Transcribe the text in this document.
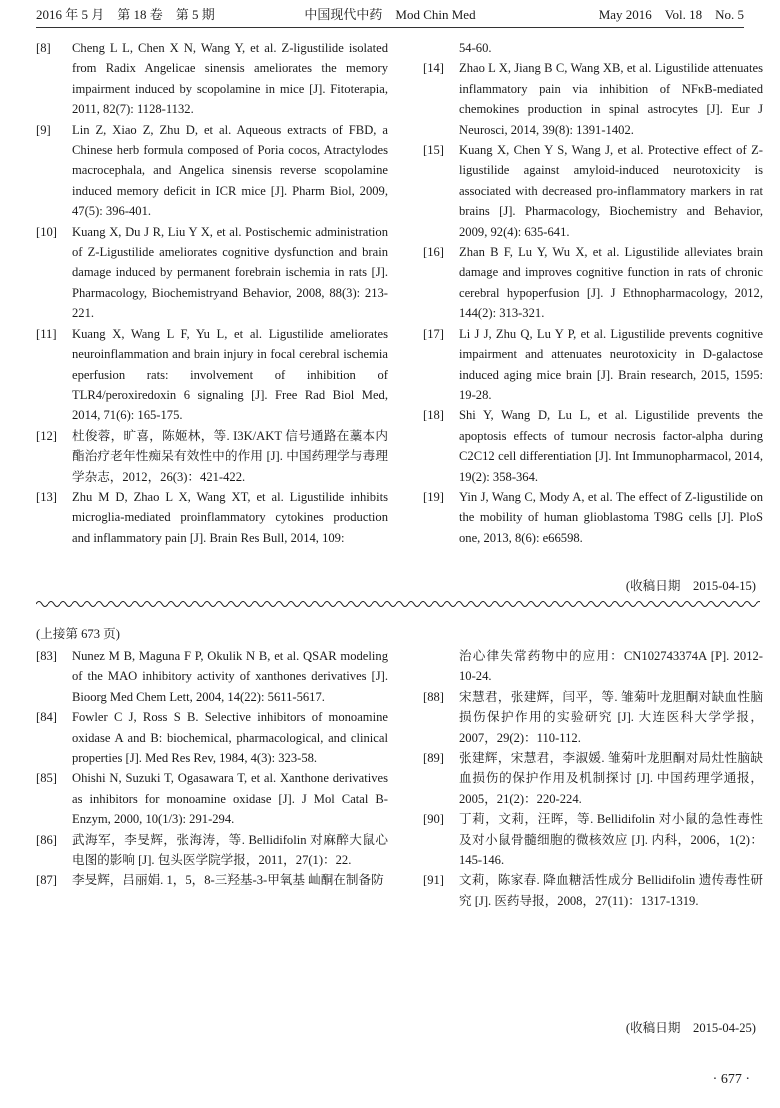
2016 年 5 月　第 18 卷　第 5 期	中国现代中药　Mod Chin Med	May 2016　Vol. 18　No. 5
[8] Cheng L L, Chen X N, Wang Y, et al. Z-ligustilide isolated from Radix Angelicae sinensis ameliorates the memory impairment induced by scopolamine in mice [J]. Fitoterapia, 2011, 82(7): 1128-1132.
[9] Lin Z, Xiao Z, Zhu D, et al. Aqueous extracts of FBD, a Chinese herb formula composed of Poria cocos, Atractylodes macrocephala, and Angelica sinensis reverse scopolamine induced memory deficit in ICR mice [J]. Pharm Biol, 2009, 47(5): 396-401.
[10] Kuang X, Du J R, Liu Y X, et al. Postischemic administration of Z-Ligustilide ameliorates cognitive dysfunction and brain damage induced by permanent forebrain ischemia in rats [J]. Pharmacology, Biochemistryand Behavior, 2008, 88(3): 213-221.
[11] Kuang X, Wang L F, Yu L, et al. Ligustilide ameliorates neuroinflammation and brain injury in focal cerebral ischemia eperfusion rats: involvement of inhibition of TLR4/peroxiredoxin 6 signaling [J]. Free Rad Biol Med, 2014, 71(6): 165-175.
[12] 杜俊蓉，旷喜，陈姬林，等. I3K/AKT 信号通路在藁本内酯治疗老年性痴呆有效性中的作用 [J]. 中国药理学与毒理学杂志，2012，26(3)：421-422.
[13] Zhu M D, Zhao L X, Wang XT, et al. Ligustilide inhibits microglia-mediated proinflammatory cytokines production and inflammatory pain [J]. Brain Res Bull, 2014, 109:

54-60.

[14] Zhao L X, Jiang B C, Wang XB, et al. Ligustilide attenuates inflammatory pain via inhibition of NFκB-mediated chemokines production in spinal astrocytes [J]. Eur J Neurosci, 2014, 39(8): 1391-1402.
[15] Kuang X, Chen Y S, Wang J, et al. Protective effect of Z-ligustilide against amyloid-induced neurotoxicity is associated with decreased pro-inflammatory markers in rat brains [J]. Pharmacology, Biochemistry and Behavior, 2009, 92(4): 635-641.
[16] Zhan B F, Lu Y, Wu X, et al. Ligustilide alleviates brain damage and improves cognitive function in rats of chronic cerebral hypoperfusion [J]. J Ethnopharmacology, 2012, 144(2): 313-321.
[17] Li J J, Zhu Q, Lu Y P, et al. Ligustilide prevents cognitive impairment and attenuates neurotoxicity in D-galactose induced aging mice brain [J]. Brain research, 2015, 1595: 19-28.
[18] Shi Y, Wang D, Lu L, et al. Ligustilide prevents the apoptosis effects of tumour necrosis factor-alpha during C2C12 cell differentiation [J]. Int Immunopharmacol, 2014, 19(2): 358-364.
[19] Yin J, Wang C, Mody A, et al. The effect of Z-ligustilide on the mobility of human glioblastoma T98G cells [J]. PloS one, 2013, 8(6): e66598.
(收稿日期　2015-04-15)
(上接第 673 页)
[83] Nunez M B, Maguna F P, Okulik N B, et al. QSAR modeling of the MAO inhibitory activity of xanthones derivatives [J]. Bioorg Med Chem Lett, 2004, 14(22): 5611-5617.
[84] Fowler C J, Ross S B. Selective inhibitors of monoamine oxidase A and B: biochemical, pharmacological, and clinical properties [J]. Med Res Rev, 1984, 4(3): 323-58.
[85] Ohishi N, Suzuki T, Ogasawara T, et al. Xanthone derivatives as inhibitors for monoamine oxidase [J]. J Mol Catal B-Enzym, 2000, 10(1/3): 291-294.
[86] 武海军，李旻辉，张海涛，等. Bellidifolin 对麻醉大鼠心电图的影响 [J]. 包头医学院学报，2011，27(1)：22.
[87] 李旻辉，吕丽娟. 1，5，8-三羟基-3-甲氧基 屾酮在制备防

治心律失常药物中的应用：CN102743374A [P]. 2012-10-24.

[88] 宋慧君，张建辉，闫平，等. 雏菊叶龙胆酮对缺血性脑损伤保护作用的实验研究 [J]. 大连医科大学学报，2007，29(2)：110-112.
[89] 张建辉，宋慧君，李淑媛. 雏菊叶龙胆酮对局灶性脑缺血损伤的保护作用及机制探讨 [J]. 中国药理学通报，2005，21(2)：220-224.
[90] 丁莉，文莉，汪晖，等. Bellidifolin 对小鼠的急性毒性及对小鼠骨髓细胞的微核效应 [J]. 内科，2006，1(2)：145-146.
[91] 文莉，陈家春. 降血糖活性成分 Bellidifolin 遗传毒性研究 [J]. 医药导报，2008，27(11)：1317-1319.
(收稿日期　2015-04-25)
· 677 ·
